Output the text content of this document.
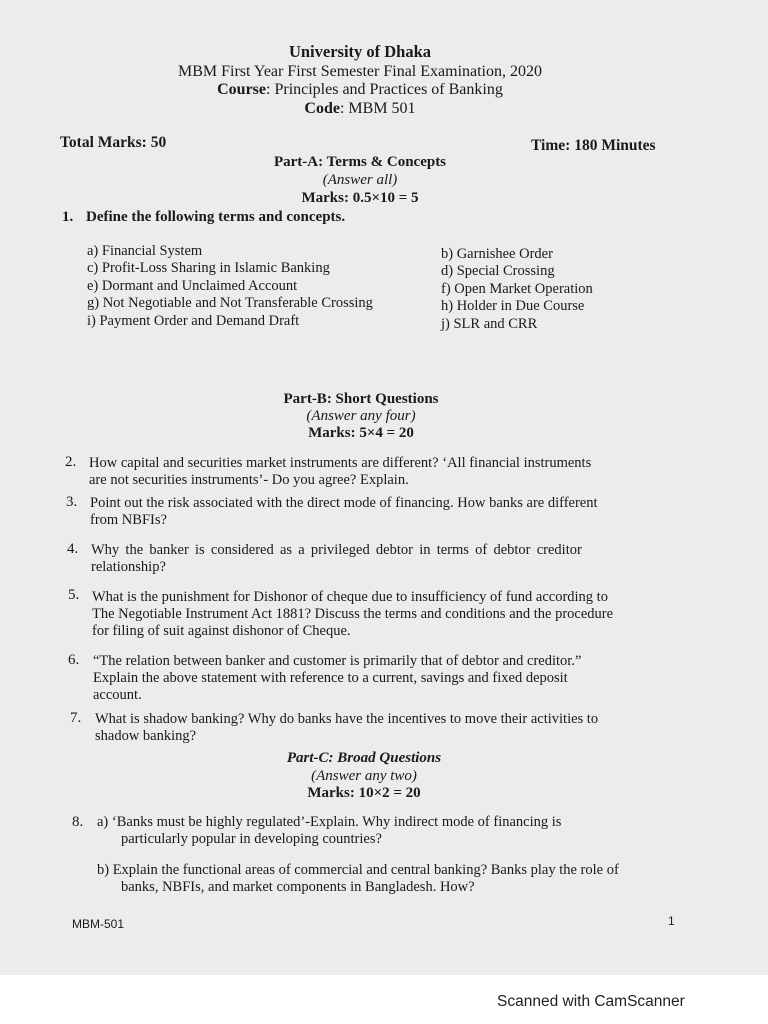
University of Dhaka
MBM First Year First Semester Final Examination, 2020
Course: Principles and Practices of Banking
Code: MBM 501
Total Marks: 50	Time: 180 Minutes
Part-A: Terms & Concepts
(Answer all)
Marks: 0.5×10 = 5
1. Define the following terms and concepts.
a) Financial System
c) Profit-Loss Sharing in Islamic Banking
e) Dormant and Unclaimed Account
g) Not Negotiable and Not Transferable Crossing
i) Payment Order and Demand Draft
b) Garnishee Order
d) Special Crossing
f) Open Market Operation
h) Holder in Due Course
j) SLR and CRR
Part-B: Short Questions
(Answer any four)
Marks: 5×4 = 20
2. How capital and securities market instruments are different? ‘All financial instruments
are not securities instruments’- Do you agree? Explain.
3. Point out the risk associated with the direct mode of financing. How banks are different
from NBFIs?
4. Why the banker is considered as a privileged debtor in terms of debtor creditor
relationship?
5. What is the punishment for Dishonor of cheque due to insufficiency of fund according to
The Negotiable Instrument Act 1881? Discuss the terms and conditions and the procedure
for filing of suit against dishonor of Cheque.
6. “The relation between banker and customer is primarily that of debtor and creditor.”
Explain the above statement with reference to a current, savings and fixed deposit
account.
7. What is shadow banking? Why do banks have the incentives to move their activities to
shadow banking?
Part-C: Broad Questions
(Answer any two)
Marks: 10×2 = 20
8. a) ‘Banks must be highly regulated’-Explain. Why indirect mode of financing is
particularly popular in developing countries?
b) Explain the functional areas of commercial and central banking? Banks play the role of
banks, NBFIs, and market components in Bangladesh. How?
MBM-501	1
Scanned with CamScanner
